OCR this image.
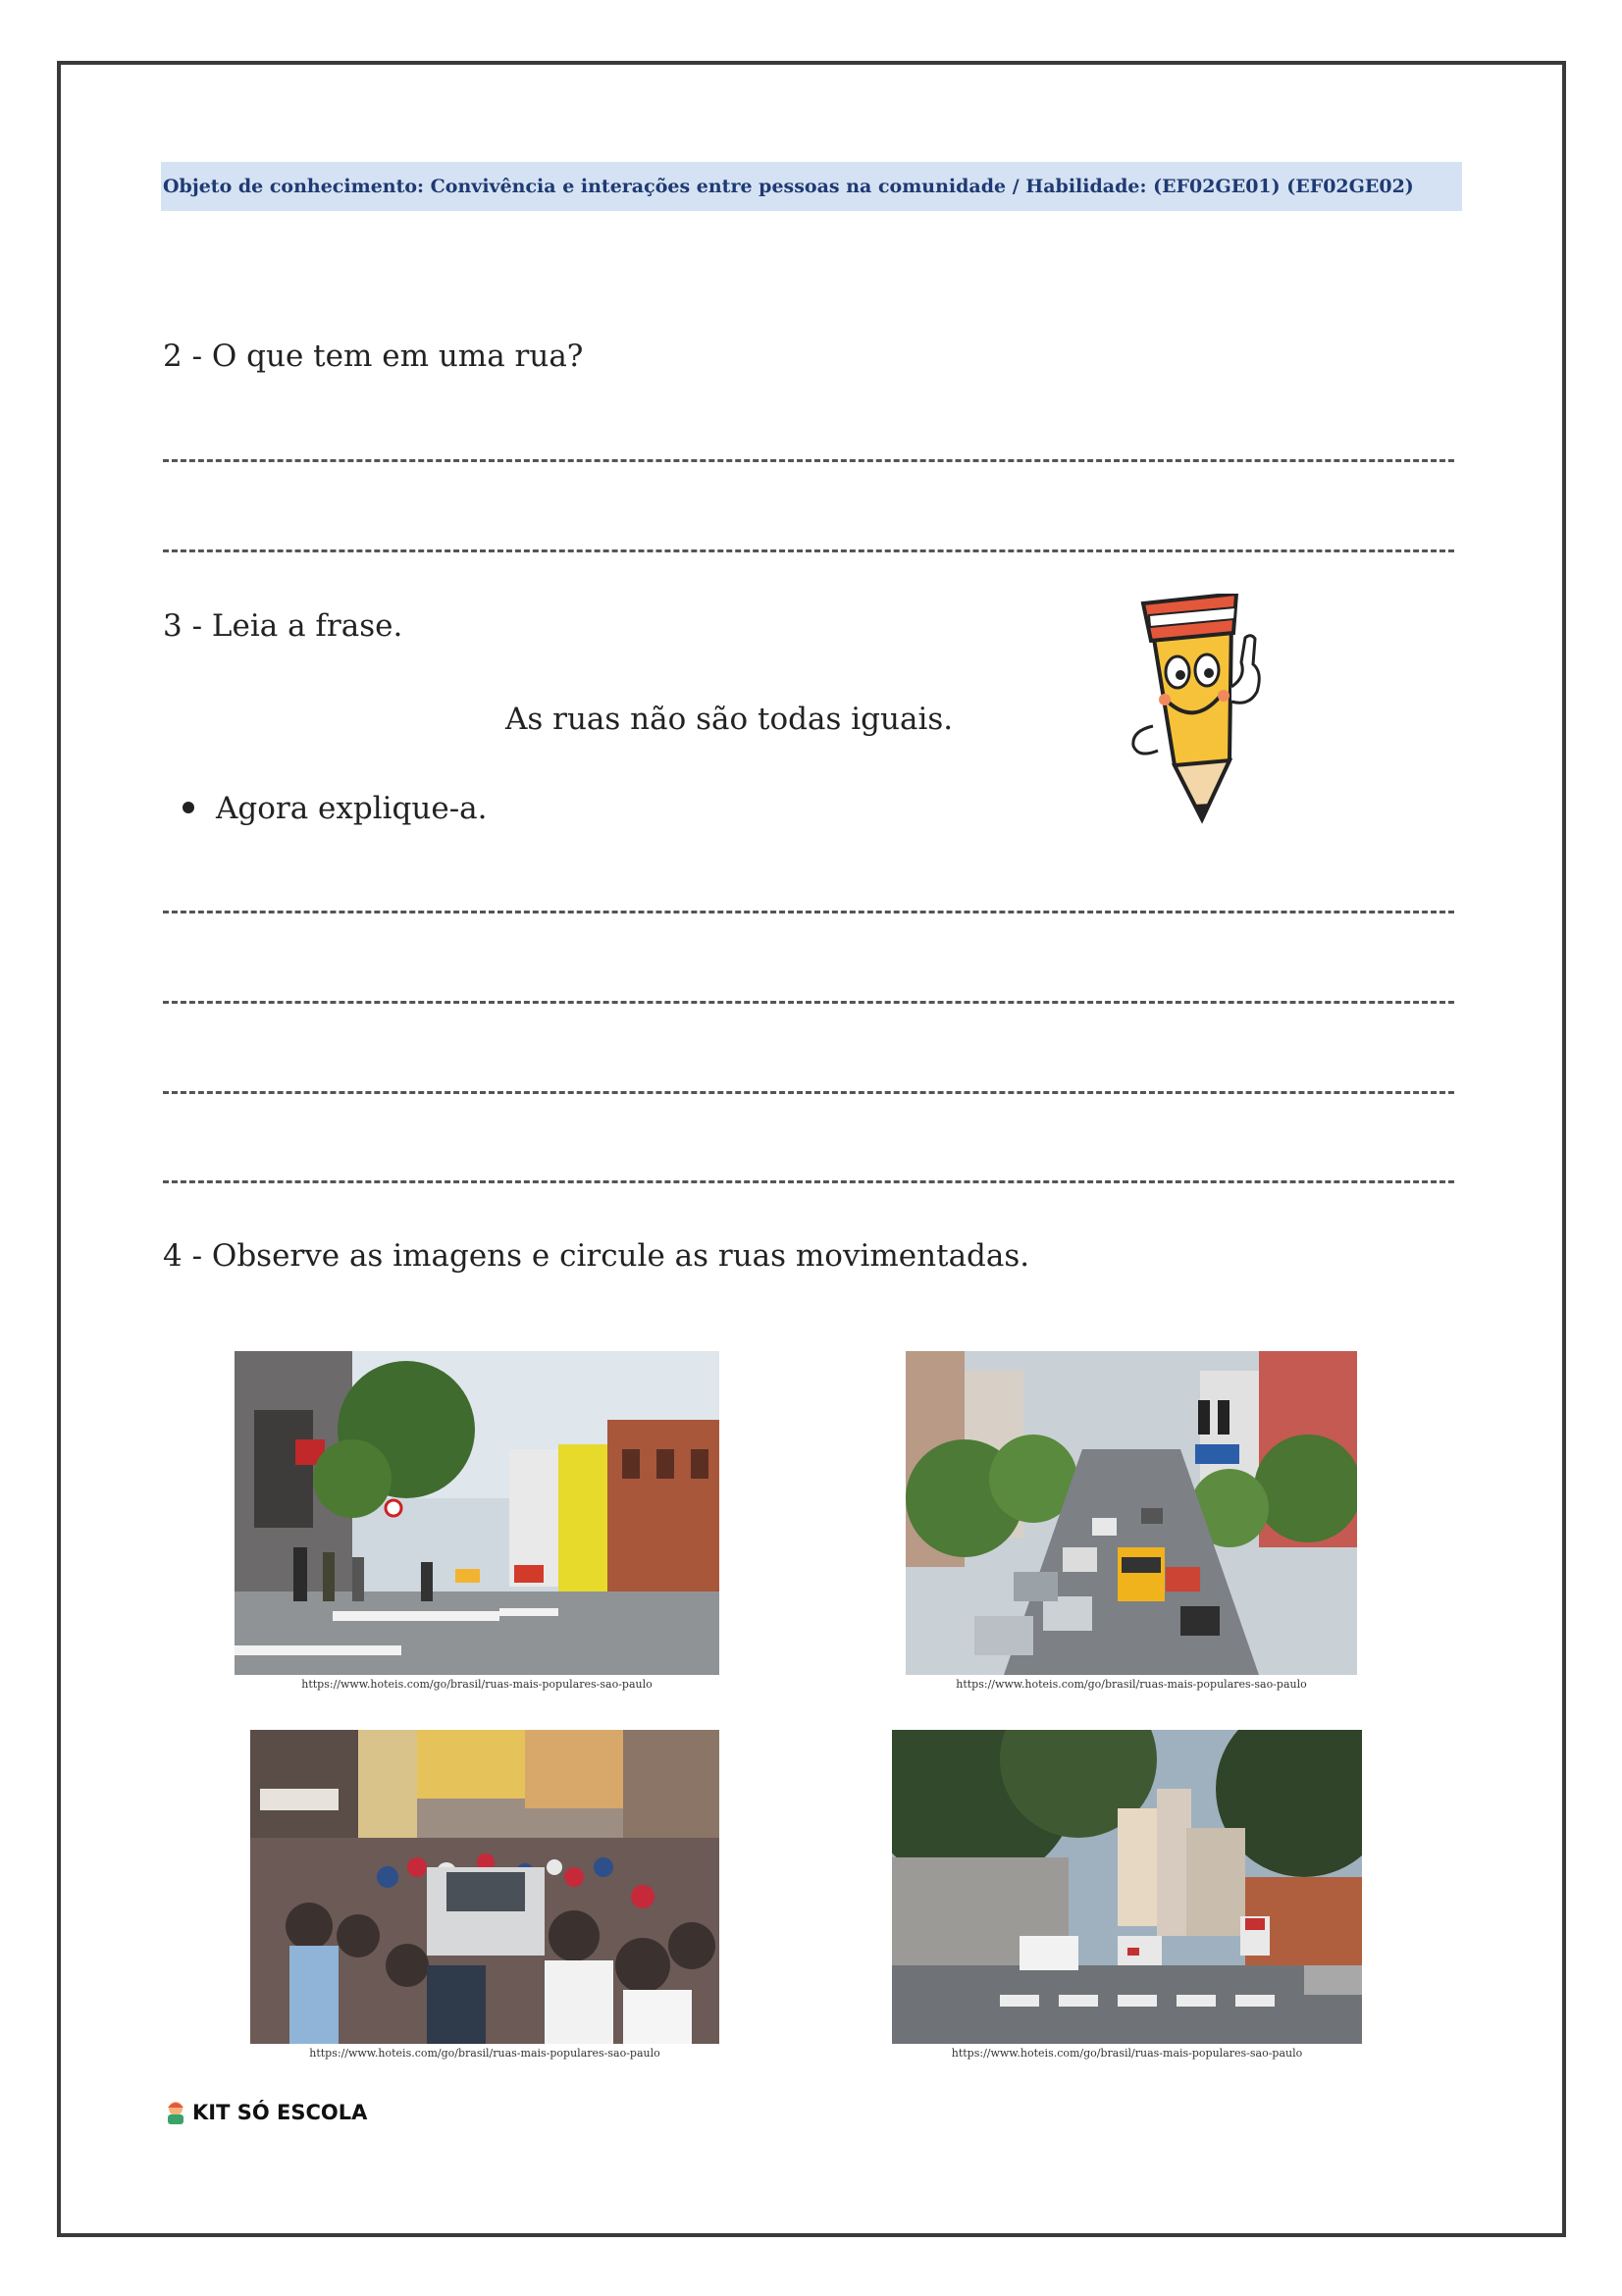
Objeto de conhecimento: Convivência e interações entre pessoas na comunidade / Habilidade: (EF02GE01) (EF02GE02)
2 - O que tem em uma rua?
3 - Leia a frase.
As ruas não são todas iguais.
Agora explique-a.
4 - Observe as imagens e circule as ruas movimentadas.
https://www.hoteis.com/go/brasil/ruas-mais-populares-sao-paulo	https://www.hoteis.com/go/brasil/ruas-mais-populares-sao-paulo
https://www.hoteis.com/go/brasil/ruas-mais-populares-sao-paulo	https://www.hoteis.com/go/brasil/ruas-mais-populares-sao-paulo
KIT SÓ ESCOLA
